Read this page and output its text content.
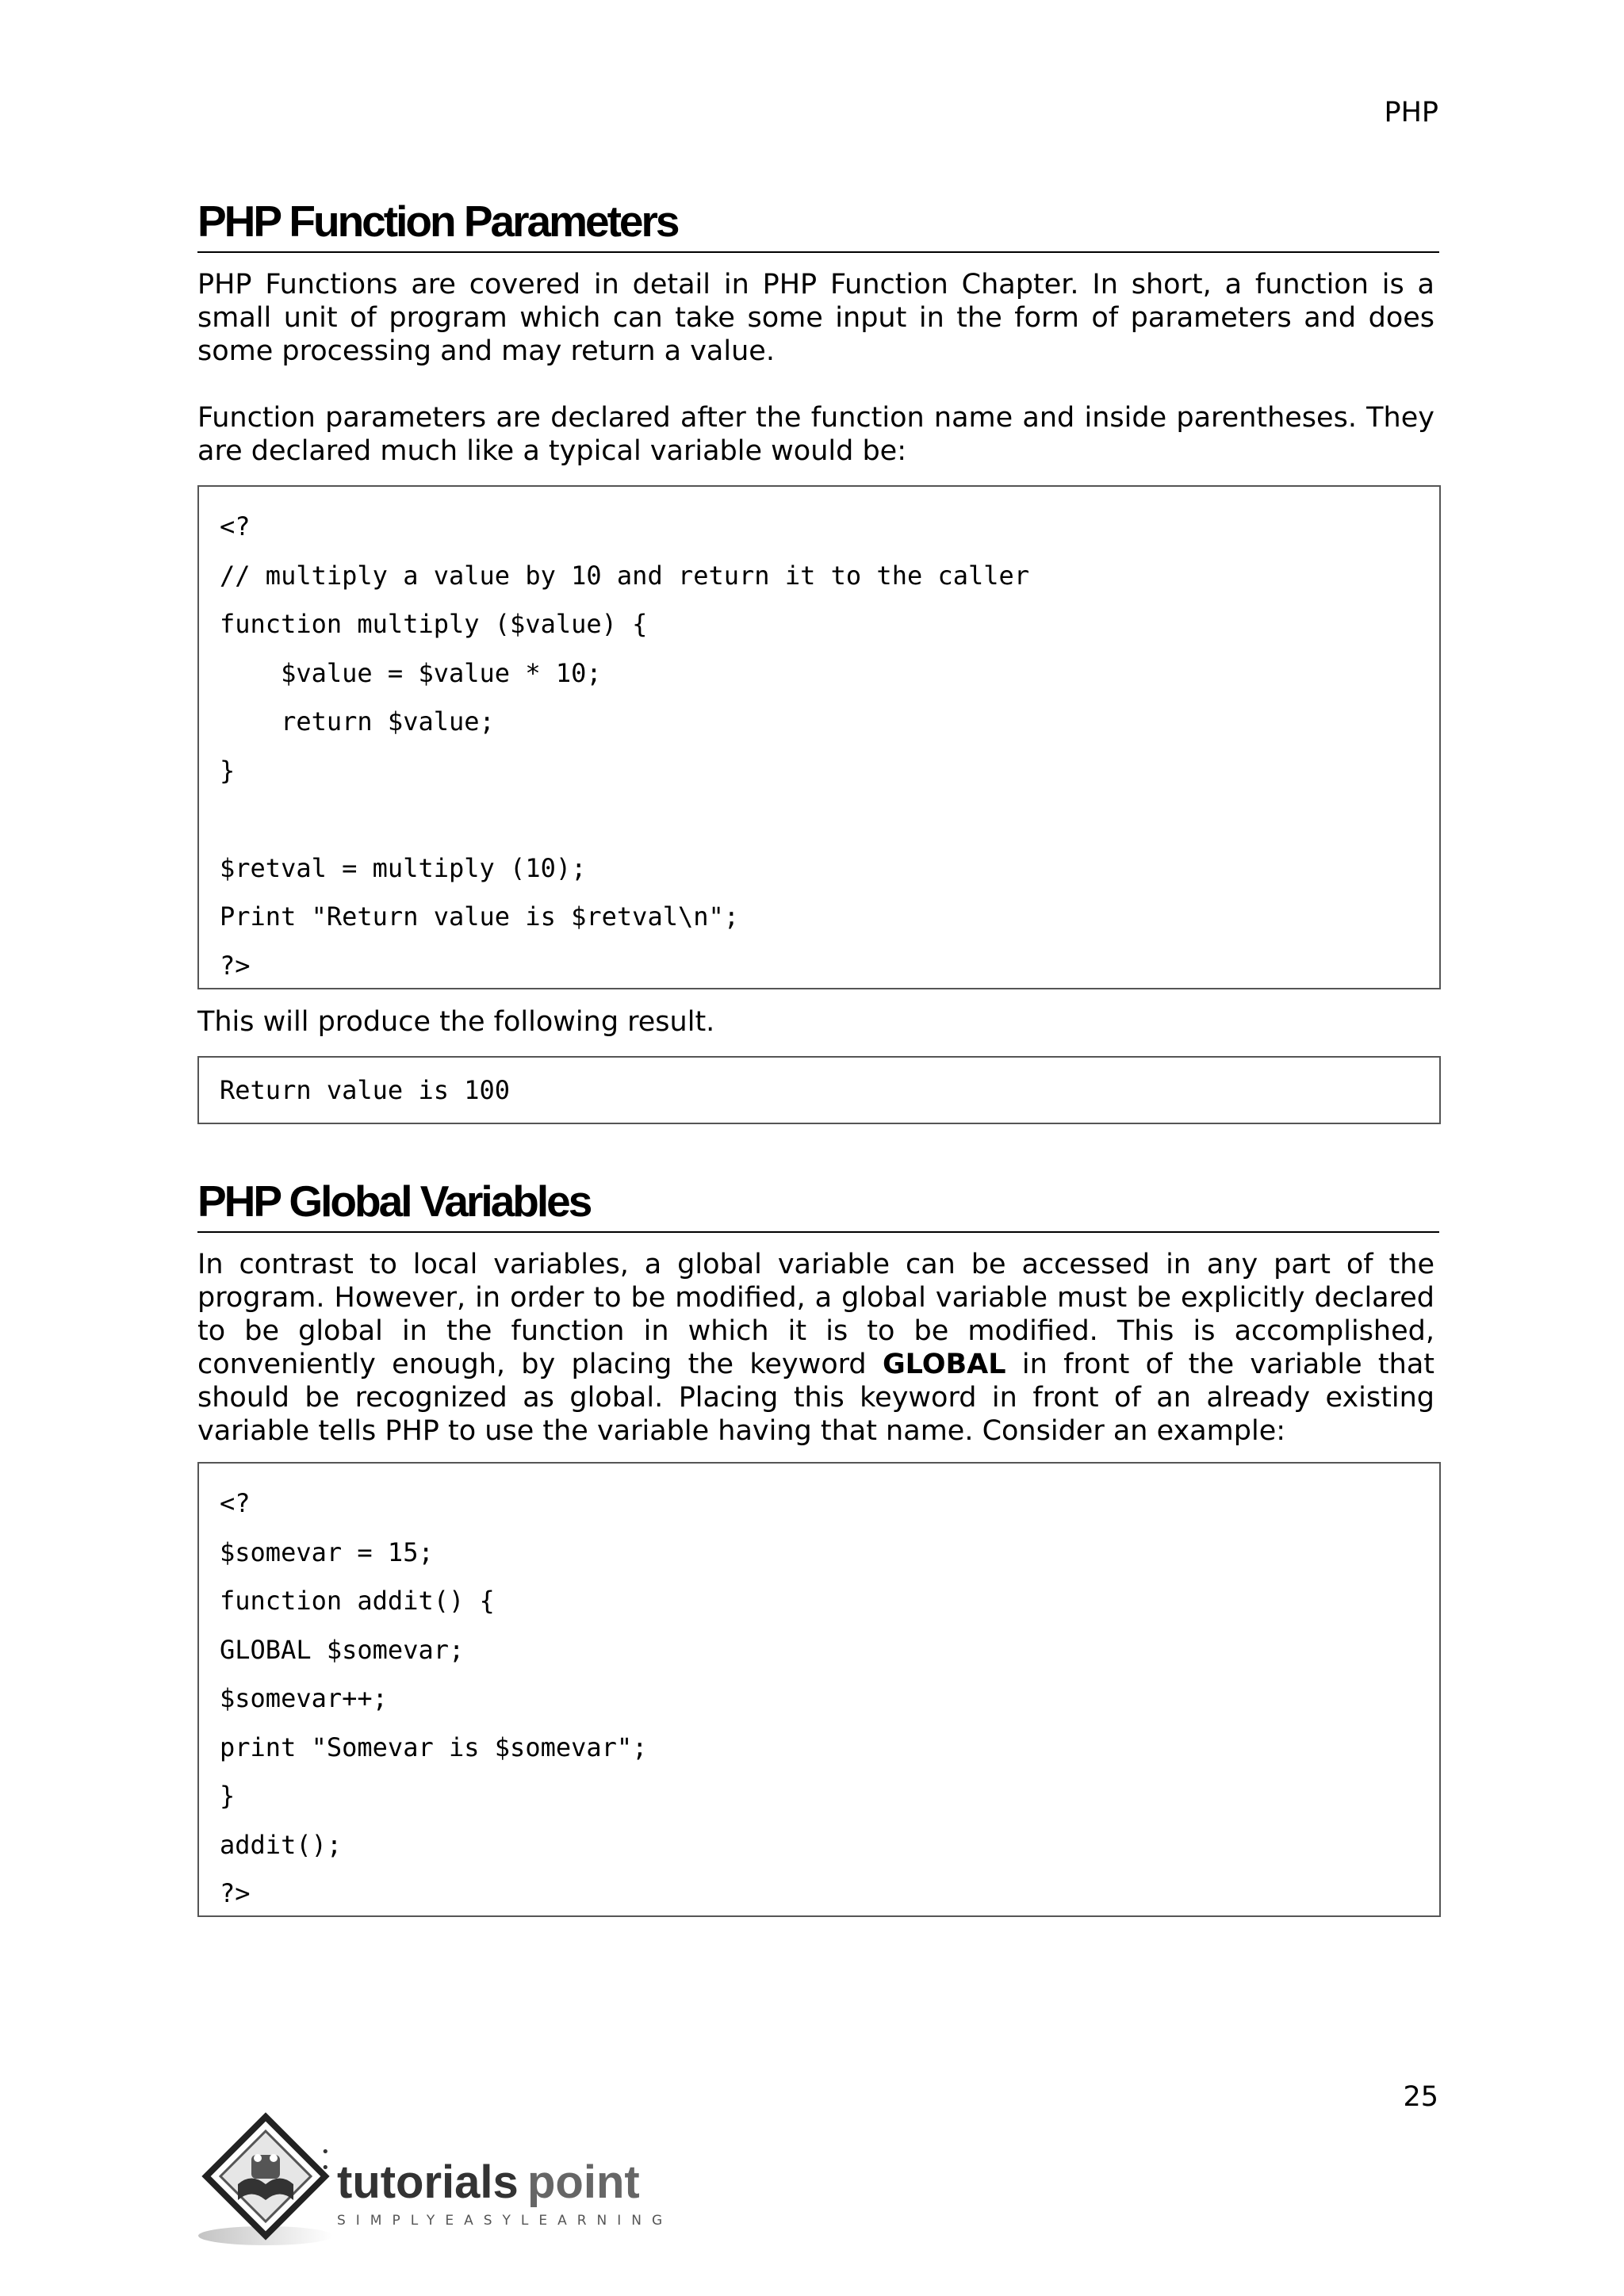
PHP
PHP Function Parameters

PHP Functions are covered in detail in PHP Function Chapter. In short, a function is a small unit of program which can take some input in the form of parameters and does some processing and may return a value.

Function parameters are declared after the function name and inside parentheses. They are declared much like a typical variable would be:

<?
// multiply a value by 10 and return it to the caller
function multiply ($value) {
$value = $value * 10;
return $value;
}
$retval = multiply (10);
Print "Return value is $retval\n";
?>

This will produce the following result.

Return value is 100
PHP Global Variables

In contrast to local variables, a global variable can be accessed in any part of the program. However, in order to be modified, a global variable must be explicitly declared to be global in the function in which it is to be modified. This is accomplished, conveniently enough, by placing the keyword GLOBAL in front of the variable that should be recognized as global. Placing this keyword in front of an already existing variable tells PHP to use the variable having that name. Consider an example:

<?
$somevar = 15;
function addit() {
GLOBAL $somevar;
$somevar++;
print "Somevar is $somevar";
}
addit();
?>
25
•
• tutorials point
SIMPLYEASYLEARNING
